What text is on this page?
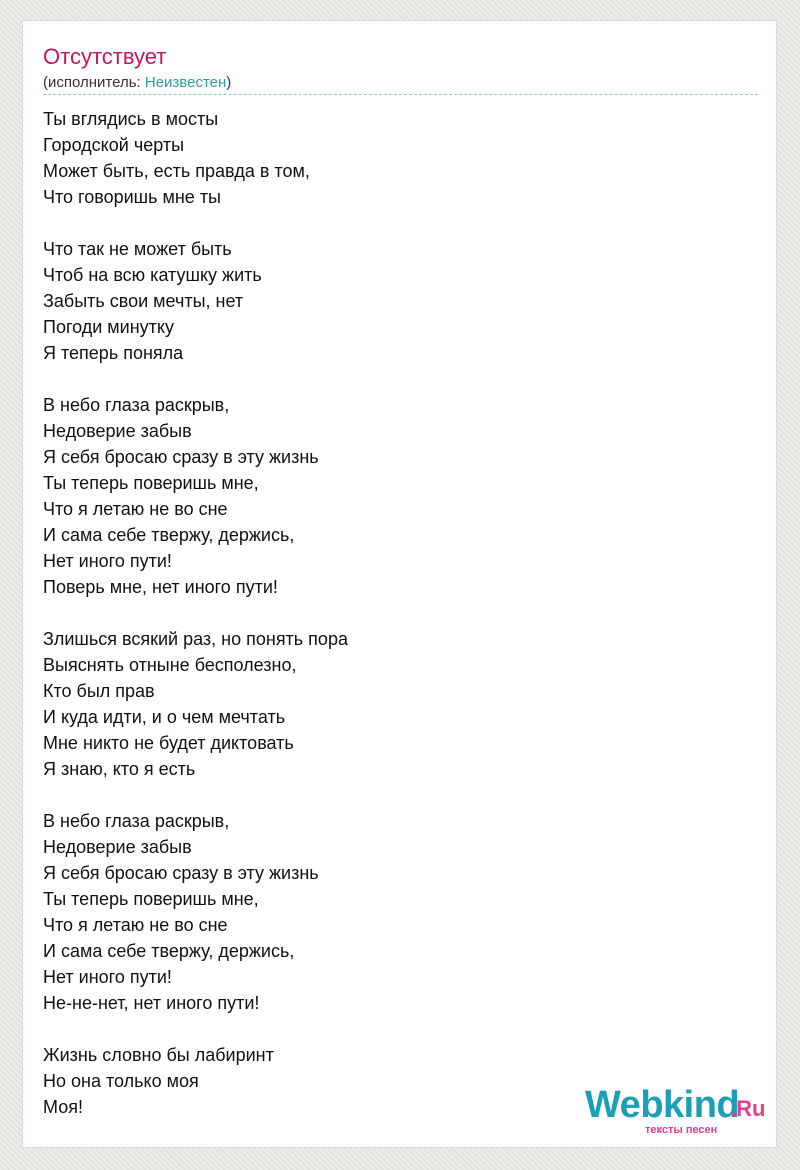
Отсутствует
(исполнитель: Неизвестен)
Ты вглядись в мосты
Городской черты
Может быть, есть правда в том,
Что говоришь мне ты
Что так не может быть
Чтоб на всю катушку жить
Забыть свои мечты, нет
Погоди минутку
Я теперь поняла
В небо глаза раскрыв,
Недоверие забыв
Я себя бросаю сразу в эту жизнь
Ты теперь поверишь мне,
Что я летаю не во сне
И сама себе твержу, держись,
Нет иного пути!
Поверь мне, нет иного пути!
Злишься всякий раз, но понять пора
Выяснять отныне бесполезно,
Кто был прав
И куда идти, и о чем мечтать
Мне никто не будет диктовать
Я знаю, кто я есть
В небо глаза раскрыв,
Недоверие забыв
Я себя бросаю сразу в эту жизнь
Ты теперь поверишь мне,
Что я летаю не во сне
И сама себе твержу, держись,
Нет иного пути!
Не-не-нет, нет иного пути!
Жизнь словно бы лабиринт
Но она только моя
Моя!	Webkind
.Ru
тексты песен
